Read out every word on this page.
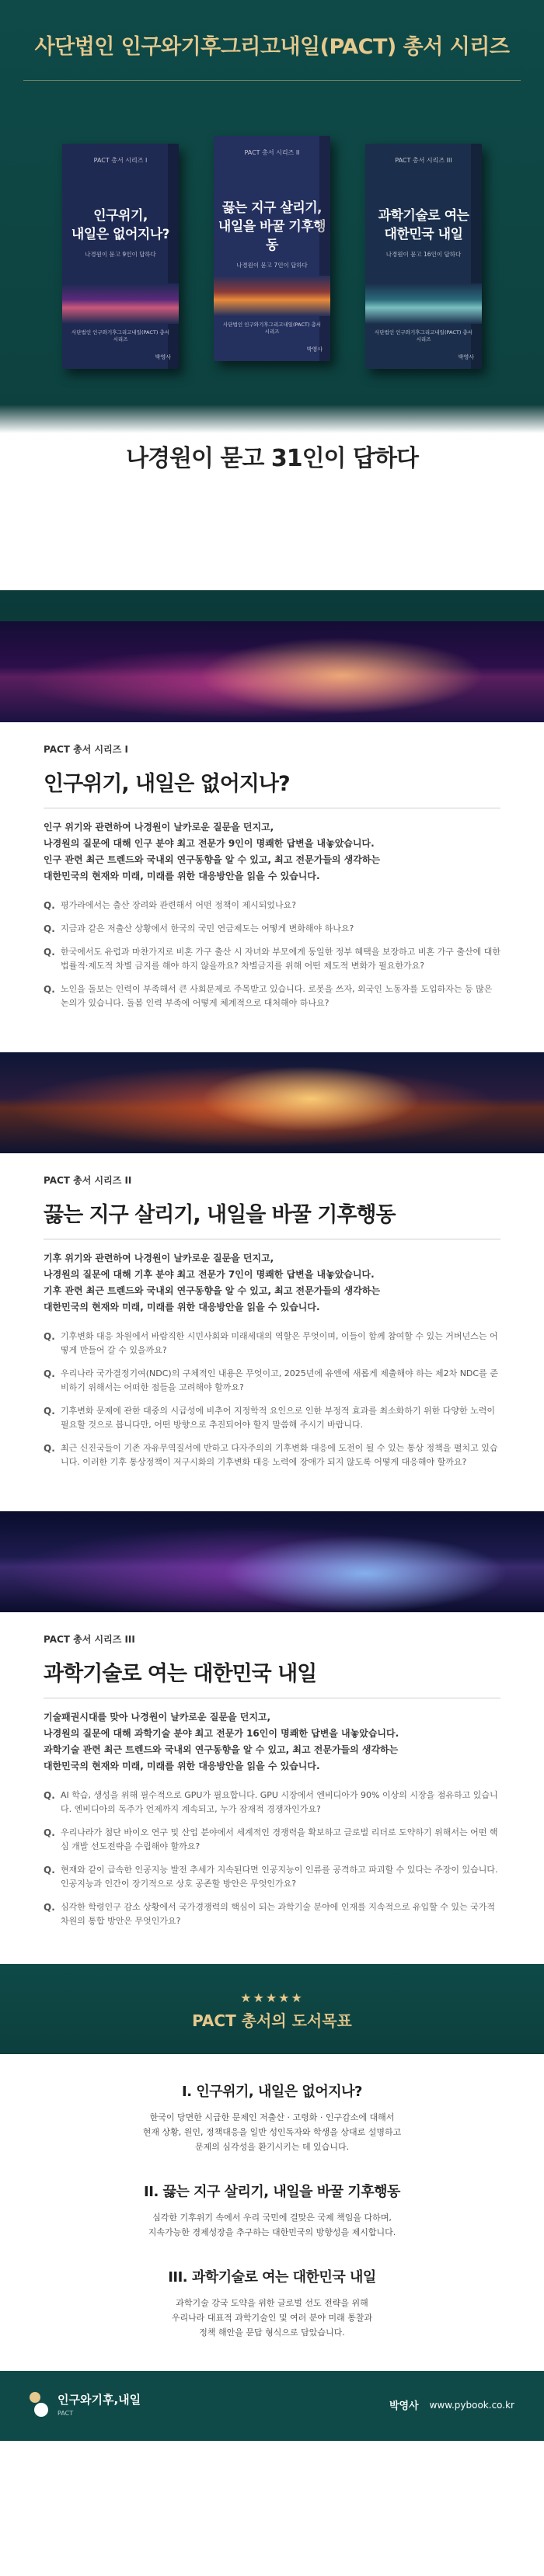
사단법인 인구와기후그리고내일(PACT) 총서 시리즈
PACT 총서 시리즈 I
인구위기,
내일은 없어지나?
나경원이 묻고 9인이 답하다
사단법인 인구와기후그리고내일(PACT) 총서 시리즈
박영사
PACT 총서 시리즈 II
끓는 지구 살리기,
내일을 바꿀 기후행동
나경원이 묻고 7인이 답하다
사단법인 인구와기후그리고내일(PACT) 총서 시리즈
박영사
PACT 총서 시리즈 III
과학기술로 여는
대한민국 내일
나경원이 묻고 16인이 답하다
사단법인 인구와기후그리고내일(PACT) 총서 시리즈
박영사
나경원이 묻고 31인이 답하다
PACT 총서 시리즈 I
인구위기, 내일은 없어지나?
인구 위기와 관련하여 나경원이 날카로운 질문을 던지고,
나경원의 질문에 대해 인구 분야 최고 전문가 9인이 명쾌한 답변을 내놓았습니다.
인구 관련 최근 트렌드와 국내외 연구동향을 알 수 있고, 최고 전문가들의 생각하는
대한민국의 현재와 미래, 미래를 위한 대응방안을 읽을 수 있습니다.
Q. 평가라에서는 출산 장려와 관련해서 어떤 정책이 제시되었나요?
Q. 지금과 같은 저출산 상황에서 한국의 국민 연금제도는 어떻게 변화해야 하나요?
Q. 한국에서도 유럽과 마찬가지로 비혼 가구 출산 시 자녀와 부모에게 동일한 정부 혜택을 보장하고 비혼 가구 출산에 대한 법률적·제도적 차별 금지를 해야 하지 않을까요? 차별금지를 위해 어떤 제도적 변화가 필요한가요?
Q. 노인을 돌보는 인력이 부족해서 큰 사회문제로 주목받고 있습니다. 로봇을 쓰자, 외국인 노동자를 도입하자는 등 많은 논의가 있습니다. 돌봄 인력 부족에 어떻게 체계적으로 대처해야 하나요?
PACT 총서 시리즈 II
끓는 지구 살리기, 내일을 바꿀 기후행동
기후 위기와 관련하여 나경원이 날카로운 질문을 던지고,
나경원의 질문에 대해 기후 분야 최고 전문가 7인이 명쾌한 답변을 내놓았습니다.
기후 관련 최근 트렌드와 국내외 연구동향을 알 수 있고, 최고 전문가들의 생각하는
대한민국의 현재와 미래, 미래를 위한 대응방안을 읽을 수 있습니다.
Q. 기후변화 대응 차원에서 바람직한 시민사회와 미래세대의 역할은 무엇이며, 이들이 함께 참여할 수 있는 거버넌스는 어떻게 만들어 갈 수 있을까요?
Q. 우리나라 국가결정기여(NDC)의 구체적인 내용은 무엇이고, 2025년에 유엔에 새롭게 제출해야 하는 제2차 NDC를 준비하기 위해서는 어떠한 점들을 고려해야 할까요?
Q. 기후변화 문제에 관한 대중의 시급성에 비추어 지정학적 요인으로 인한 부정적 효과를 최소화하기 위한 다양한 노력이 필요할 것으로 봅니다만, 어떤 방향으로 추진되어야 할지 말씀해 주시기 바랍니다.
Q. 최근 신진국들이 기존 자유무역질서에 반하고 다자주의의 기후변화 대응에 도전이 될 수 있는 통상 정책을 펼치고 있습니다. 이러한 기후 통상정책이 저구시화의 기후변화 대응 노력에 장애가 되지 않도록 어떻게 대응해야 할까요?
PACT 총서 시리즈 III
과학기술로 여는 대한민국 내일
기술패권시대를 맞아 나경원이 날카로운 질문을 던지고,
나경원의 질문에 대해 과학기술 분야 최고 전문가 16인이 명쾌한 답변을 내놓았습니다.
과학기술 관련 최근 트렌드와 국내외 연구동향을 알 수 있고, 최고 전문가들의 생각하는
대한민국의 현재와 미래, 미래를 위한 대응방안을 읽을 수 있습니다.
Q. AI 학습, 생성을 위해 필수적으로 GPU가 필요합니다. GPU 시장에서 엔비디아가 90% 이상의 시장을 점유하고 있습니다. 엔비디아의 독주가 언제까지 계속되고, 누가 잠재적 경쟁자인가요?
Q. 우리나라가 첨단 바이오 연구 및 산업 분야에서 세계적인 경쟁력을 확보하고 글로벌 리더로 도약하기 위해서는 어떤 핵심 개발 선도전략을 수립해야 할까요?
Q. 현재와 같이 급속한 인공지능 발전 추세가 지속된다면 인공지능이 인류를 공격하고 파괴할 수 있다는 주장이 있습니다. 인공지능과 인간이 장기적으로 상호 공존할 방안은 무엇인가요?
Q. 심각한 학령인구 감소 상황에서 국가경쟁력의 핵심이 되는 과학기술 분야에 인재를 지속적으로 유입할 수 있는 국가적 차원의 통합 방안은 무엇인가요?
★★★★★
PACT 총서의 도서목표
I. 인구위기, 내일은 없어지나?
한국이 당면한 시급한 문제인 저출산 · 고령화 · 인구감소에 대해서
현재 상황, 원인, 정책대응을 일반 성인독자와 학생을 상대로 설명하고
문제의 심각성을 환기시키는 데 있습니다.
II. 끓는 지구 살리기, 내일을 바꿀 기후행동
심각한 기후위기 속에서 우리 국민에 걸맞은 국제 책임을 다하며,
지속가능한 경제성장을 추구하는 대한민국의 방향성을 제시합니다.
III. 과학기술로 여는 대한민국 내일
과학기술 강국 도약을 위한 글로벌 선도 전략을 위해
우리나라 대표적 과학기술인 및 여러 분야 미래 통찰과
정책 해안을 문답 형식으로 담았습니다.
인구와기후,내일
PACT
박영사 www.pybook.co.kr
